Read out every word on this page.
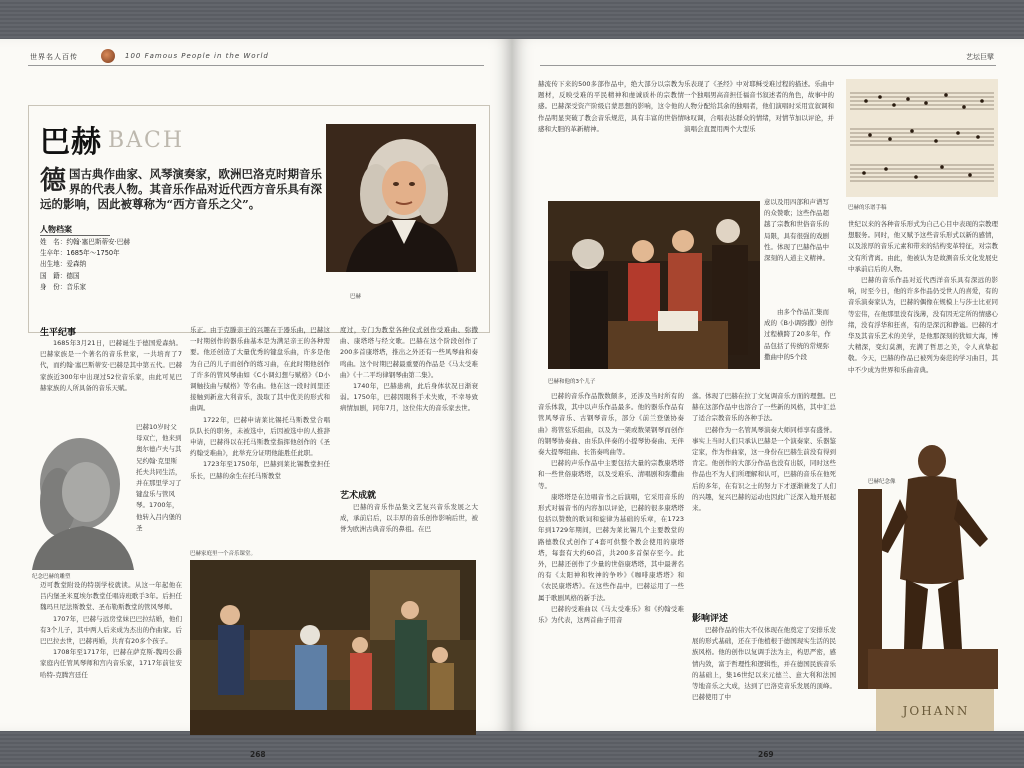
世界名人百传	100 Famous People in the World
巴赫 BACH
巴赫
德国古典作曲家、风琴演奏家，欧洲巴洛克时期音乐界的代表人物。其音乐作品对近代西方音乐具有深远的影响，因此被尊称为“西方音乐之父”。
人物档案
姓　名：约翰·塞巴斯蒂安·巴赫
生卒年：1685年～1750年
出生地：爱森纳
国　籍：德国
身　份：音乐家
生平纪事

1685年3月21日，巴赫诞生于德国爱森纳。巴赫家族是一个著名的音乐世家，一共培育了7代，而约翰·塞巴斯蒂安·巴赫是其中第五代。巴赫家族近300年中出现过52位音乐家，由此可见巴赫家族的人所具备的音乐天赋。

巴赫10岁时父母双亡，他来到奥尔德卢夫与其兄约翰·克里斯托夫共同生活，并在那里学习了键盘乐与管风琴。1700年，他转入吕内堡的圣

纪念巴赫的雕塑

迈可教堂附设的特别学校就读。从这一年起他在吕内堡圣米夏埃尔教堂任唱诗班歌手3年。后担任魏玛旦尼法斯教堂、圣布勒斯教堂的管风琴师。

1707年，巴赫与远房堂妹巴巴拉结婚，他们有3个儿子，其中两人后来成为杰出的作曲家。后巴巴拉去世，巴赫再婚，共育有20多个孩子。

1708年至1717年，巴赫在萨克斯-魏玛公爵家庭内任管风琴师和宫内音乐家，1717年前往安哈特-克腾宫廷任

乐正。由于克滕亲王的兴趣在于器乐曲，巴赫这一时期创作的器乐曲基本是为满足亲王的各种需要。他还创造了大量优秀的键盘乐曲，许多是他为自己的儿子而创作的练习曲，在此时期他创作了许多的管风琴曲如《C小调幻想与赋格》《D小调触技曲与赋格》等名曲。他在这一段时间里还接触到新意大利音乐，汲取了其中优美的形式和曲调。

1722年，巴赫申请莱比锡托马斯教堂合唱队队长的职务，未被选中，后因被选中的人推辞申请，巴赫得以在托马斯教堂指挥他创作的《圣约翰受难曲》，此举充分证明他能胜任此职。

1723年至1750年，巴赫到莱比锡教堂担任乐长，巴赫的余生在托马斯教堂

度过，专门为教堂各种仪式创作受难曲、弥撒曲、康塔塔与经文歌。巴赫在这个阶段创作了200多首康塔塔，推出之外还有一些风琴曲和奏鸣曲。这个时期巴赫最重要的作品是《马太受难曲》《十二平均律钢琴曲第二集》。

1740年，巴赫患病，此后身体状况日渐衰弱。1750年，巴赫因眼科手术失败，不幸导致病情加剧，同年7月，这位伟大的音乐家去世。

艺术成就

巴赫的音乐作品集文艺复兴音乐发展之大成，承前启后，以丰厚的音乐创作影响后世，被誉为欧洲古典音乐的鼻祖。在巴

巴赫家庭里一个音乐课堂。
268
艺坛巨擘

赫流传下来的500多部作品中，绝大部分以宗教为题材，反映受难的平民精神和虔诚质朴的宗教情感。巴赫深受资产阶级启蒙思想的影响，这令他的作品明显突破了教会音乐规范，具有丰富的世俗情感和大胆的革新精神。

巴赫和他的3个儿子

巴赫的音乐作品散数颇多，还涉及当时所有的音乐体裁，其中以声乐作品最多。他的器乐作品有管风琴音乐、古钢琴音乐，部分《前兰登堡协奏曲》将管弦乐组曲，以及为一架或数架钢琴而创作的钢琴协奏曲、由乐队伴奏的小提琴协奏曲、无伴奏大提琴组曲、长笛奏鸣曲等。

巴赫的声乐作品中主要包括大量的宗教康塔塔和一些世俗康塔塔，以及受难乐、清唱剧和弥撒曲等。

康塔塔是在边唱音书之后演唱，它采用音乐的形式对福音书的内容加以评论，巴赫的很多康塔塔包括以赞数的歌词和旋律为基础的乐章，在1723年到1729年期间，巴赫为莱比锡几个主要教堂的路德教仪式创作了4套可供整个教会使用的康塔塔，每套有大约60首，共200多首保存至今。此外，巴赫还创作了少量的世俗康塔塔，其中最著名的有《太阳神和牧神的争吵》《咖啡康塔塔》和《农民康塔塔》。在这些作品中，巴赫运用了一些属于歌剧风格的新手法。

巴赫的受难曲以《马太受难乐》和《约翰受难乐》为代表，这两首曲子用音

乐表现了《圣经》中对耶稣受难过程的描述。乐曲中一个独唱男高音担任福音书叙述者的角色，故事中的人物分配给其余的独唱者，他们演唱时采用宣叙调和咏叹调，合唱表达群众的情绪，对情节加以评论，并演唱会直置用两个大型乐

意以及用四部和声谱写的众赞歌；这些作品超越了宗教和世俗音乐的局限，具有很强的戏剧性。体现了巴赫作品中深刻的人道主义精神。

由多个作品汇集而成的《B小调弥撒》创作过程横跨了20多年，作品包括了传统的常规弥撒曲中的5个段

落。体现了巴赫在拉丁文复调音乐方面的理想。巴赫在这部作品中也溶合了一些新的风格，其中汇总了适合宗教音乐的各种手法。

巴赫作为一名管风琴演奏大师同样享有盛誉。事实上当时人们只承认巴赫是一个演奏家、乐器鉴定家，作为作曲家，这一身份在巴赫生前没有得到肯定。他创作的大部分作品也没有出版，同时这些作品也不为人们所理解和认可，巴赫的音乐在他死后的多年，在有识之士的努力下才逐渐兼发了人们的兴趣，复兴巴赫的运动也因此广泛深入地开展起来。

影响评述

巴赫作品的伟大不仅体现在他奠定了安排乐发展的形式基础，还在于他植根于德国现实生活的民族风格。他的创作以复调手法为主，构思严密，感情内敛，富于哲理性和逻辑性，并在德国民族音乐的基础上，集16世纪以来元德兰、意大利和法国等地音乐之大成，达到了巴洛克音乐发展的顶峰。巴赫使用了中

巴赫的乐谱手稿

世纪以来的各种音乐形式为自己心目中表现的宗教理想服务。同时，他又赋予这些音乐形式以新的感情，以及浓厚的音乐元素和带来的结构变革特征，对宗教文有所背离。由此，他被认为是故测音乐文化发展史中承前启后的人物。

巴赫的音乐作品对近代西洋音乐具有深远的影响，时至今日，他的许多作品仍受世人的喜爱，有的音乐演奏家认为，巴赫的偶像在规模上与莎士比亚同等宏伟，在他那里没有浅薄，没有因无定所的情感心绪，没有浮华和狂喜，有的是深沉和静谧。巴赫的才华及其音乐艺术的美学，是他那深刻的犹如大海，博大精深，变幻莫测，充满了哲思之美，令人真挚起敬。今天，巴赫的作品已被列为奏范的学习曲目，其中不少成为世界和乐曲音典。

JOHANN
269
